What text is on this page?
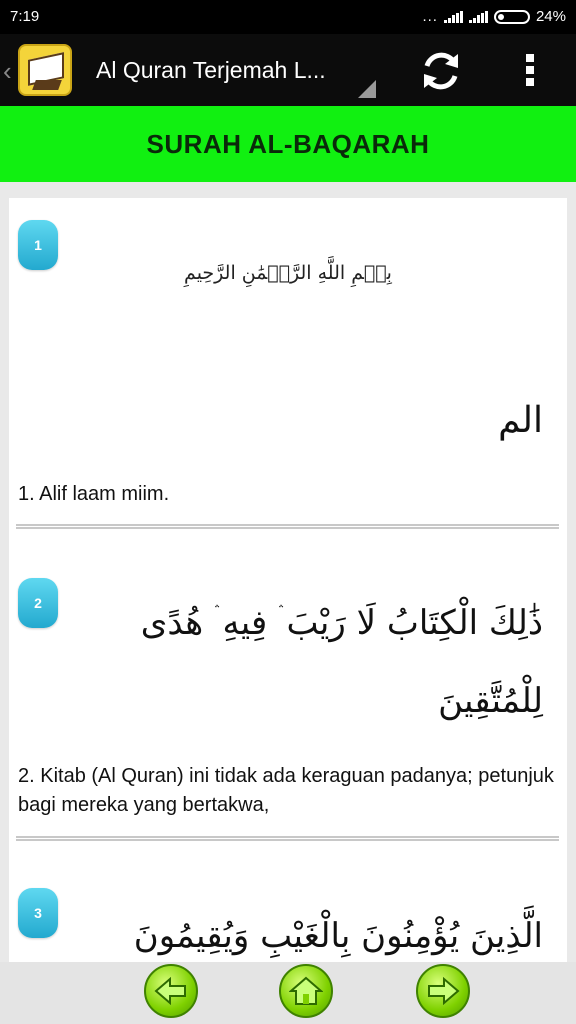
7:19	...	24%
‹	Al Quran Terjemah L...
SURAH AL-BAQARAH
1
بِسۡمِ اللَّهِ الرَّحۡمَٰنِ الرَّحِيمِ
الم
1. Alif laam miim.
2	ذَٰلِكَ الْكِتَابُ لَا رَيْبَ ۛ فِيهِ ۛ هُدًى
لِلْمُتَّقِينَ
2. Kitab (Al Quran) ini tidak ada keraguan padanya; petunjuk bagi mereka yang bertakwa,
3
الَّذِينَ يُؤْمِنُونَ بِالْغَيْبِ وَيُقِيمُونَ
